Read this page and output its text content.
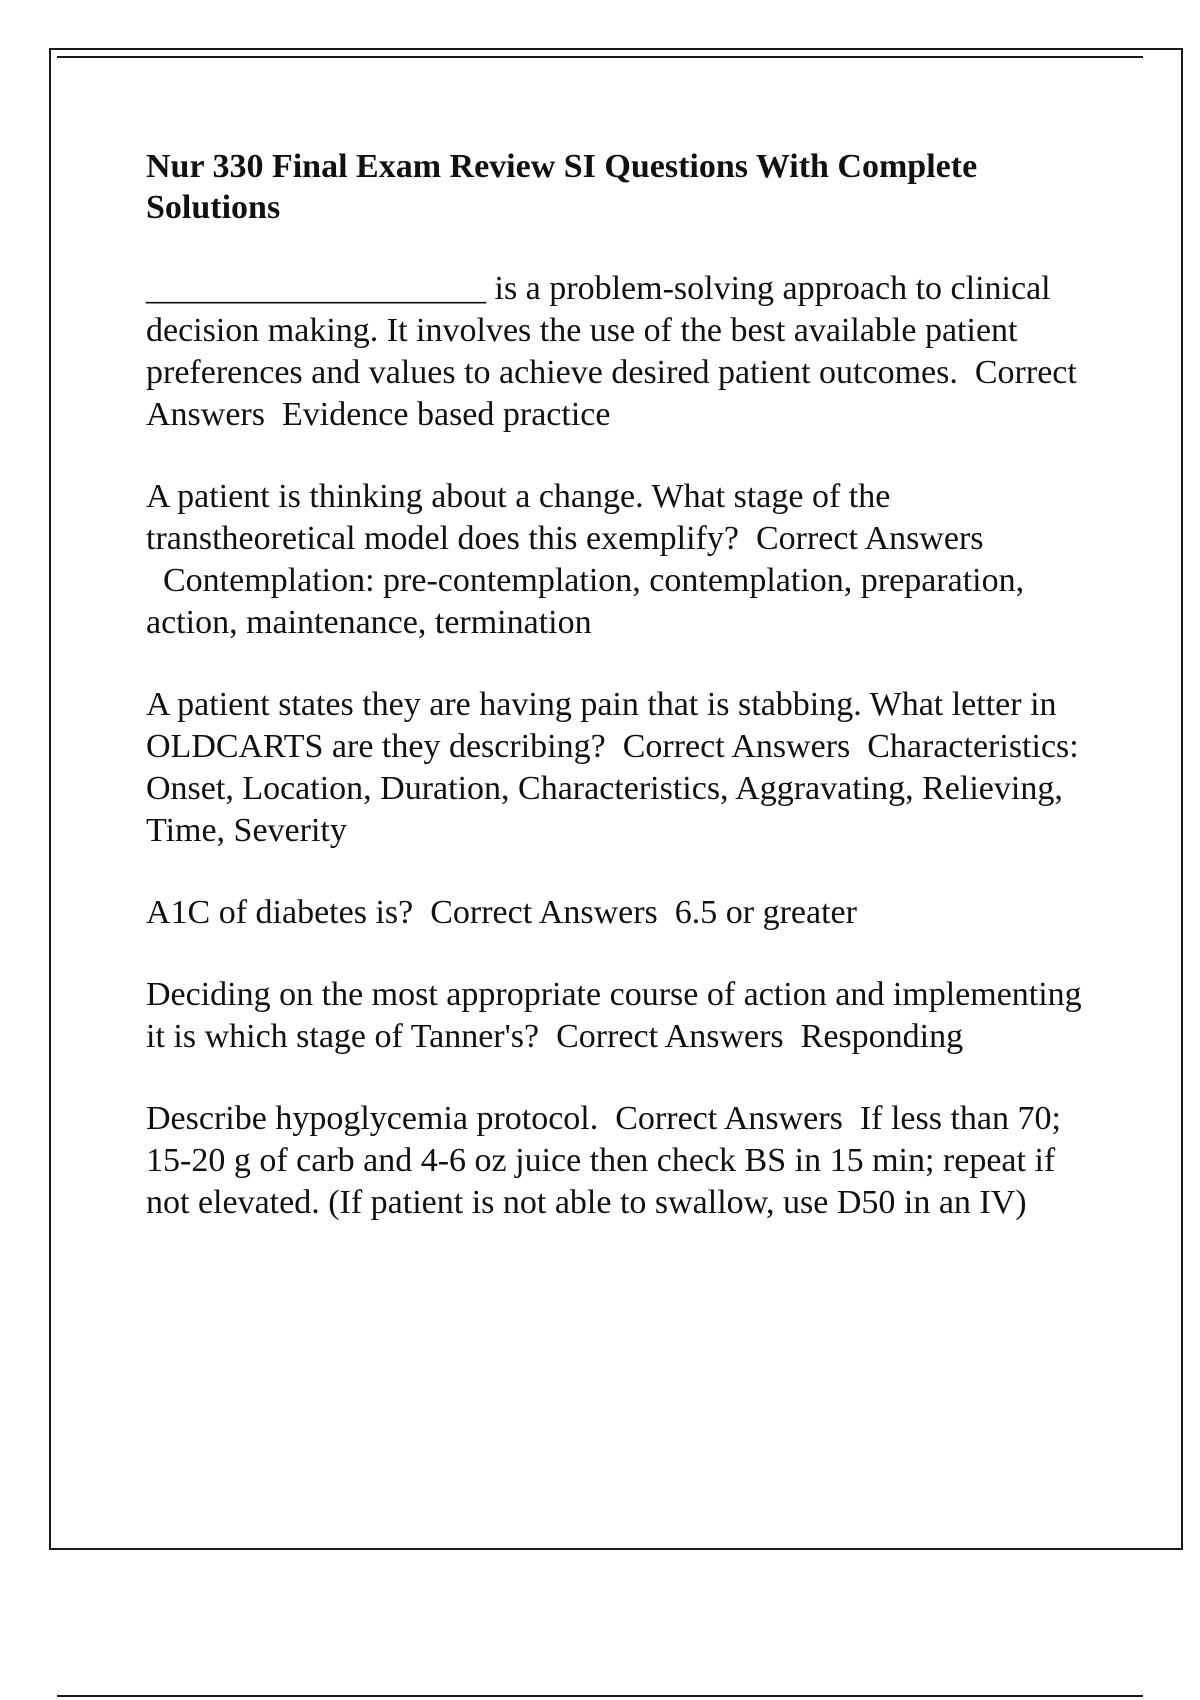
Nur 330 Final Exam Review SI Questions With Complete Solutions
____________________ is a problem-solving approach to clinical decision making. It involves the use of the best available patient preferences and values to achieve desired patient outcomes. Correct Answers Evidence based practice
A patient is thinking about a change. What stage of the transtheoretical model does this exemplify? Correct Answers  Contemplation: pre-contemplation, contemplation, preparation, action, maintenance, termination
A patient states they are having pain that is stabbing. What letter in OLDCARTS are they describing? Correct Answers Characteristics: Onset, Location, Duration, Characteristics, Aggravating, Relieving, Time, Severity
A1C of diabetes is? Correct Answers 6.5 or greater
Deciding on the most appropriate course of action and implementing it is which stage of Tanner's? Correct Answers Responding
Describe hypoglycemia protocol. Correct Answers If less than 70; 15-20 g of carb and 4-6 oz juice then check BS in 15 min; repeat if not elevated. (If patient is not able to swallow, use D50 in an IV)
